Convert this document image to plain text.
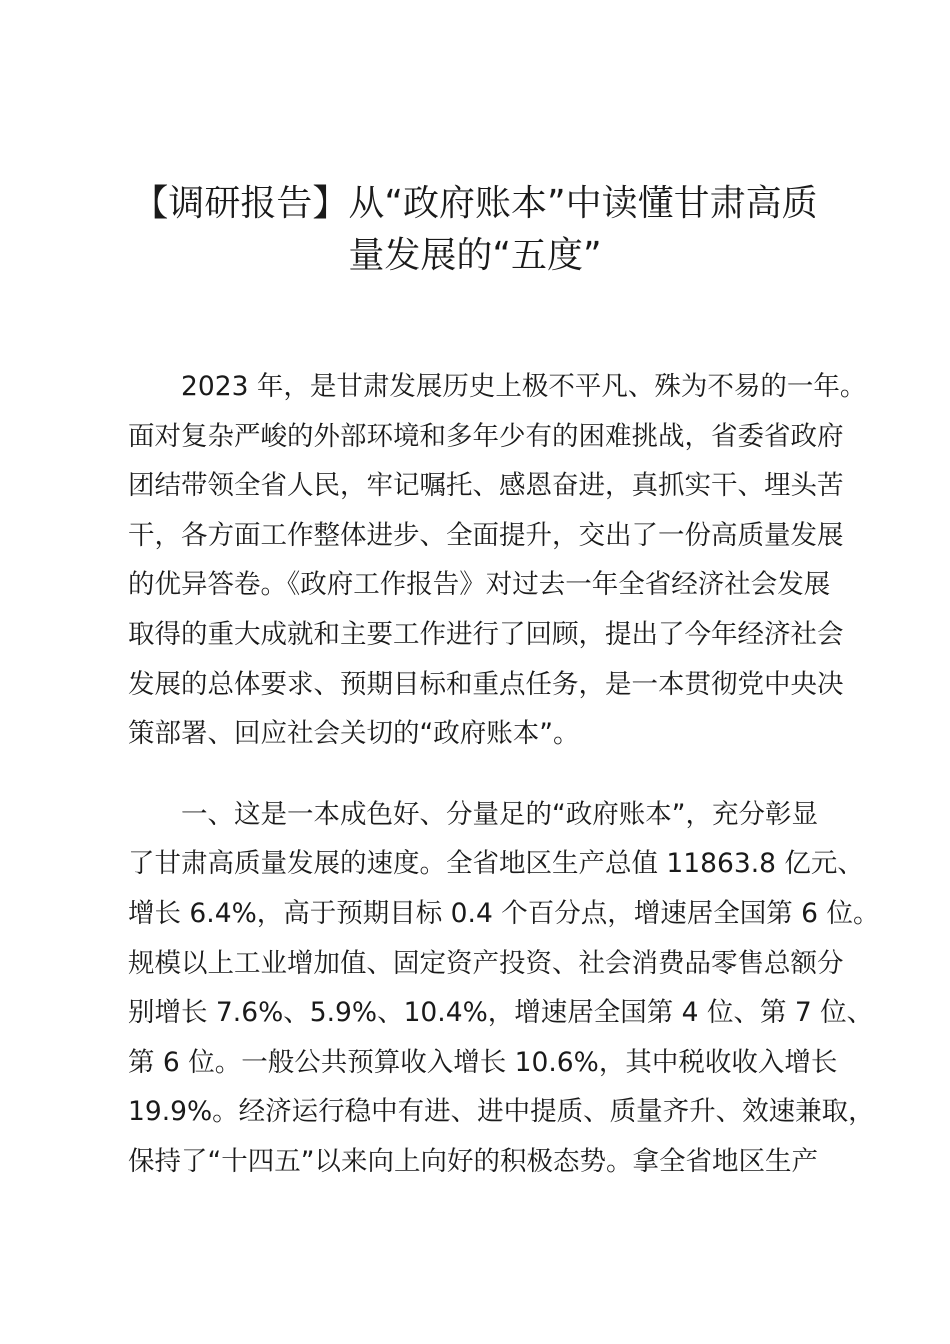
【调研报告】从“政府账本”中读懂甘肃高质
量发展的“五度”

　　2023 年，是甘肃发展历史上极不平凡、殊为不易的一年。
面对复杂严峻的外部环境和多年少有的困难挑战，省委省政府
团结带领全省人民，牢记嘱托、感恩奋进，真抓实干、埋头苦
干，各方面工作整体进步、全面提升，交出了一份高质量发展
的优异答卷。《政府工作报告》对过去一年全省经济社会发展
取得的重大成就和主要工作进行了回顾，提出了今年经济社会
发展的总体要求、预期目标和重点任务，是一本贯彻党中央决
策部署、回应社会关切的“政府账本”。

　　一、这是一本成色好、分量足的“政府账本”，充分彰显
了甘肃高质量发展的速度。全省地区生产总值 11863.8 亿元、
增长 6.4%，高于预期目标 0.4 个百分点，增速居全国第 6 位。
规模以上工业增加值、固定资产投资、社会消费品零售总额分
别增长 7.6%、5.9%、10.4%，增速居全国第 4 位、第 7 位、
第 6 位。一般公共预算收入增长 10.6%，其中税收收入增长
19.9%。经济运行稳中有进、进中提质、质量齐升、效速兼取，
保持了“十四五”以来向上向好的积极态势。拿全省地区生产
